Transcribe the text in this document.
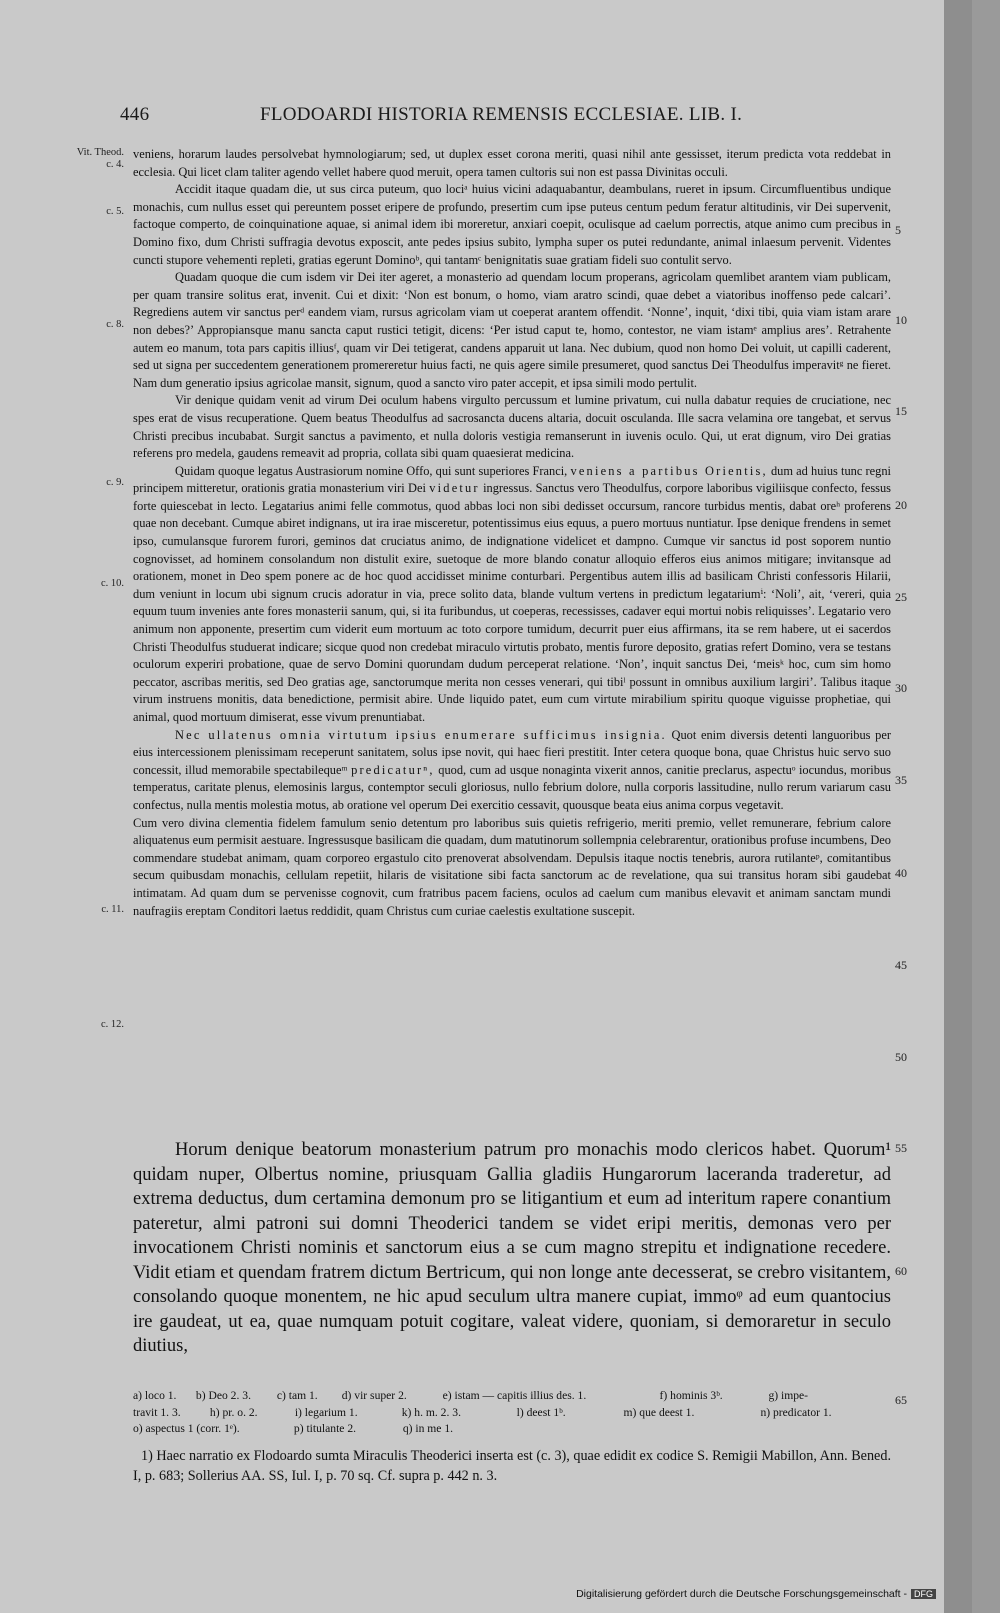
446	FLODOARDI HISTORIA REMENSIS ECCLESIAE. LIB. I.
Vit. Theod.
c. 4.
c. 5.
c. 8.
c. 9.
c. 10.
c. 11.
c. 12.
5
10
15
20
25
30
35
40
45
50
55
60
65

veniens, horarum laudes persolvebat hymnologiarum; sed, ut duplex esset corona meriti, quasi nihil ante gessisset, iterum predicta vota reddebat in ecclesia. Qui licet clam taliter agendo vellet habere quod meruit, opera tamen cultoris sui non est passa Divinitas occuli.

Accidit itaque quadam die, ut sus circa puteum, quo lociᵃ huius vicini adaquabantur, deambulans, rueret in ipsum. Circumfluentibus undique monachis, cum nullus esset qui pereuntem posset eripere de profundo, presertim cum ipse puteus centum pedum feratur altitudinis, vir Dei supervenit, factoque comperto, de coinquinatione aquae, si animal idem ibi moreretur, anxiari coepit, oculisque ad caelum porrectis, atque animo cum precibus in Domino fixo, dum Christi suffragia devotus exposcit, ante pedes ipsius subito, lympha super os putei redundante, animal inlaesum pervenit. Videntes cuncti stupore vehementi repleti, gratias egerunt Dominoᵇ, qui tantamᶜ benignitatis suae gratiam fideli suo contulit servo.

Quadam quoque die cum isdem vir Dei iter ageret, a monasterio ad quendam locum properans, agricolam quemlibet arantem viam publicam, per quam transire solitus erat, invenit. Cui et dixit: ‘Non est bonum, o homo, viam aratro scindi, quae debet a viatoribus inoffenso pede calcari’. Regrediens autem vir sanctus perᵈ eandem viam, rursus agricolam viam ut coeperat arantem offendit. ‘Nonne’, inquit, ‘dixi tibi, quia viam istam arare non debes?’ Appropiansque manu sancta caput rustici tetigit, dicens: ‘Per istud caput te, homo, contestor, ne viam istamᵉ amplius ares’. Retrahente autem eo manum, tota pars capitis illiusᶠ, quam vir Dei tetigerat, candens apparuit ut lana. Nec dubium, quod non homo Dei voluit, ut capilli caderent, sed ut signa per succedentem generationem promereretur huius facti, ne quis agere simile presumeret, quod sanctus Dei Theodulfus imperavitᵍ ne fieret. Nam dum generatio ipsius agricolae mansit, signum, quod a sancto viro pater accepit, et ipsa simili modo pertulit.

Vir denique quidam venit ad virum Dei oculum habens virgulto percussum et lumine privatum, cui nulla dabatur requies de cruciatione, nec spes erat de visus recuperatione. Quem beatus Theodulfus ad sacrosancta ducens altaria, docuit osculanda. Ille sacra velamina ore tangebat, et servus Christi precibus incubabat. Surgit sanctus a pavimento, et nulla doloris vestigia remanserunt in iuvenis oculo. Qui, ut erat dignum, viro Dei gratias referens pro medela, gaudens remeavit ad propria, collata sibi quam quaesierat medicina.

Quidam quoque legatus Austrasiorum nomine Offo, qui sunt superiores Franci, veniens a partibus Orientis, dum ad huius tunc regni principem mitteretur, orationis gratia monasterium viri Dei videtur ingressus. Sanctus vero Theodulfus, corpore laboribus vigiliisque confecto, fessus forte quiescebat in lecto. Legatarius animi felle commotus, quod abbas loci non sibi dedisset occursum, rancore turbidus mentis, dabat oreʰ proferens quae non decebant. Cumque abiret indignans, ut ira irae misceretur, potentissimus eius equus, a puero mortuus nuntiatur. Ipse denique frendens in semet ipso, cumulansque furorem furori, geminos dat cruciatus animo, de indignatione videlicet et dampno. Cumque vir sanctus id post soporem nuntio cognovisset, ad hominem consolandum non distulit exire, suetoque de more blando conatur alloquio efferos eius animos mitigare; invitansque ad orationem, monet in Deo spem ponere ac de hoc quod accidisset minime conturbari. Pergentibus autem illis ad basilicam Christi confessoris Hilarii, dum veniunt in locum ubi signum crucis adoratur in via, prece solito data, blande vultum vertens in predictum legatariumⁱ: ‘Noli’, ait, ‘vereri, quia equum tuum invenies ante fores monasterii sanum, qui, si ita furibundus, ut coeperas, recessisses, cadaver equi mortui nobis reliquisses’. Legatario vero animum non apponente, presertim cum viderit eum mortuum ac toto corpore tumidum, decurrit puer eius affirmans, ita se rem habere, ut ei sacerdos Christi Theodulfus studuerat indicare; sicque quod non credebat miraculo virtutis probato, mentis furore deposito, gratias refert Domino, vera se testans oculorum experiri probatione, quae de servo Domini quorundam dudum perceperat relatione. ‘Non’, inquit sanctus Dei, ‘meisᵏ hoc, cum sim homo peccator, ascribas meritis, sed Deo gratias age, sanctorumque merita non cesses venerari, qui tibiˡ possunt in omnibus auxilium largiri’. Talibus itaque virum instruens monitis, data benedictione, permisit abire. Unde liquido patet, eum cum virtute mirabilium spiritu quoque viguisse prophetiae, qui animal, quod mortuum dimiserat, esse vivum prenuntiabat.

Nec ullatenus omnia virtutum ipsius enumerare sufficimus insignia. Quot enim diversis detenti languoribus per eius intercessionem plenissimam receperunt sanitatem, solus ipse novit, qui haec fieri prestitit. Inter cetera quoque bona, quae Christus huic servo suo concessit, illud memorabile spectabilequeᵐ predicaturⁿ, quod, cum ad usque nonaginta vixerit annos, canitie preclarus, aspectuᵒ iocundus, moribus temperatus, caritate plenus, elemosinis largus, contemptor seculi gloriosus, nullo febrium dolore, nulla corporis lassitudine, nullo rerum variarum casu confectus, nulla mentis molestia motus, ab oratione vel operum Dei exercitio cessavit, quousque beata eius anima corpus vegetavit.

Cum vero divina clementia fidelem famulum senio detentum pro laboribus suis quietis refrigerio, meriti premio, vellet remunerare, febrium calore aliquatenus eum permisit aestuare. Ingressusque basilicam die quadam, dum matutinorum sollempnia celebrarentur, orationibus profuse incumbens, Deo commendare studebat animam, quam corporeo ergastulo cito prenoverat absolvendam. Depulsis itaque noctis tenebris, aurora rutilanteᵖ, comitantibus secum quibusdam monachis, cellulam repetiit, hilaris de visitatione sibi facta sanctorum ac de revelatione, qua sui transitus horam sibi gaudebat intimatam. Ad quam dum se pervenisse cognovit, cum fratribus pacem faciens, oculos ad caelum cum manibus elevavit et animam sanctam mundi naufragiis ereptam Conditori laetus reddidit, quam Christus cum curiae caelestis exultatione suscepit.

Horum denique beatorum monasterium patrum pro monachis modo clericos habet. Quorum¹ quidam nuper, Olbertus nomine, priusquam Gallia gladiis Hungarorum laceranda traderetur, ad extrema deductus, dum certamina demonum pro se litigantium et eum ad interitum rapere conantium pateretur, almi patroni sui domni Theoderici tandem se videt eripi meritis, demonas vero per invocationem Christi nominis et sanctorum eius a se cum magno strepitu et indignatione recedere. Vidit etiam et quendam fratrem dictum Bertricum, qui non longe ante decesserat, se crebro visitantem, consolando quoque monentem, ne hic apud seculum ultra manere cupiat, immoᵠ ad eum quantocius ire gaudeat, ut ea, quae numquam potuit cogitare, valeat videre, quoniam, si demoraretur in seculo diutius,

a) loco 1. b) Deo 2. 3. c) tam 1. d) vir super 2.	e) istam — capitis illius des. 1.	f) hominis 3ᵇ.	g) impe-
travit 1. 3.	h) pr. o. 2.	i) legarium 1.	k) h. m. 2. 3.	l) deest 1ᵇ.	m) que deest 1.	n) predicator 1.
o) aspectus 1 (corr. 1ᵉ).	p) titulante 2.	q) in me 1.

1) Haec narratio ex Flodoardo sumta Miraculis Theoderici inserta est (c. 3), quae edidit ex codice S. Remigii Mabillon, Ann. Bened. I, p. 683; Sollerius AA. SS, Iul. I, p. 70 sq. Cf. supra p. 442 n. 3.

Digitalisierung gefördert durch die Deutsche Forschungsgemeinschaft - DFG
